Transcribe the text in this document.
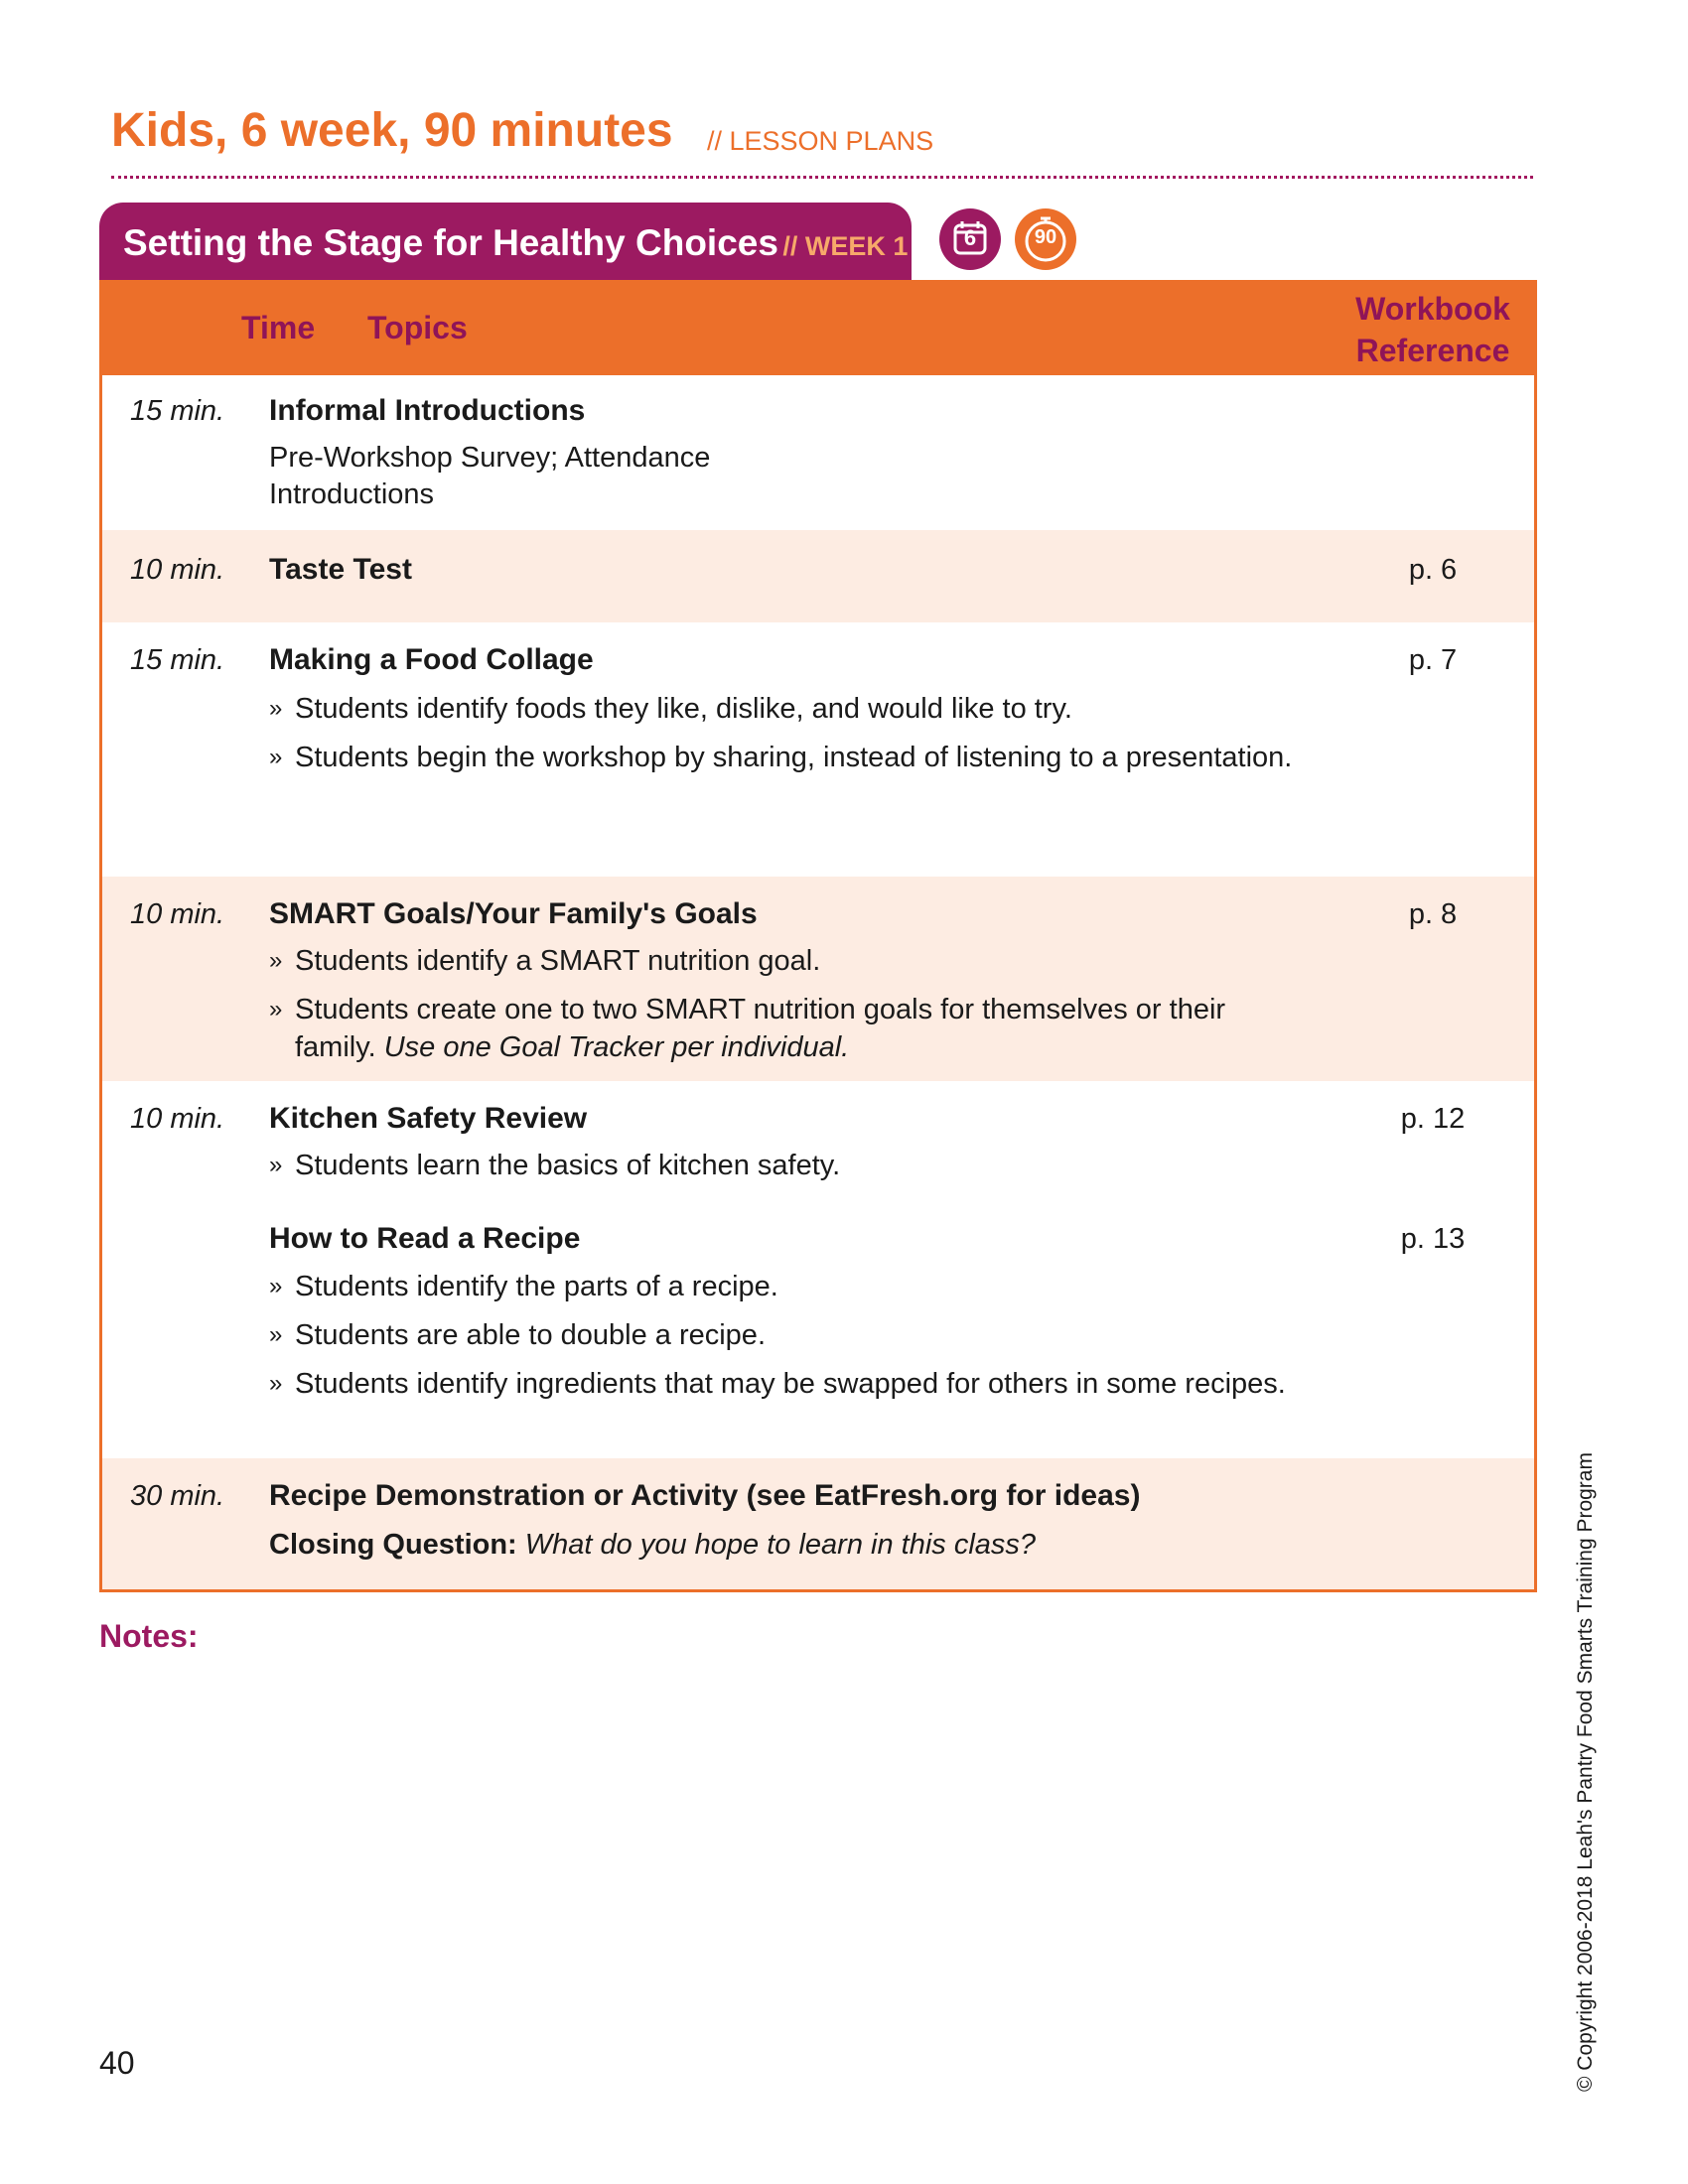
Kids, 6 week, 90 minutes // LESSON PLANS
Setting the Stage for Healthy Choices // WEEK 1	6	90
Time Topics
Workbook
Reference
15 min. Informal Introductions
Pre-Workshop Survey; Attendance
Introductions
10 min. Taste Test	p. 6
15 min. Making a Food Collage	p. 7
» Students identify foods they like, dislike, and would like to try.
» Students begin the workshop by sharing, instead of listening to a presentation.
10 min. SMART Goals/Your Family's Goals	p. 8
» Students identify a SMART nutrition goal.
» Students create one to two SMART nutrition goals for themselves or their family. Use one Goal Tracker per individual.
10 min. Kitchen Safety Review	p. 12
» Students learn the basics of kitchen safety.
How to Read a Recipe	p. 13
» Students identify the parts of a recipe.
» Students are able to double a recipe.
» Students identify ingredients that may be swapped for others in some recipes.
30 min. Recipe Demonstration or Activity (see EatFresh.org for ideas)
Closing Question: What do you hope to learn in this class?
Notes:
40	© Copyright 2006-2018 Leah's Pantry Food Smarts Training Program
